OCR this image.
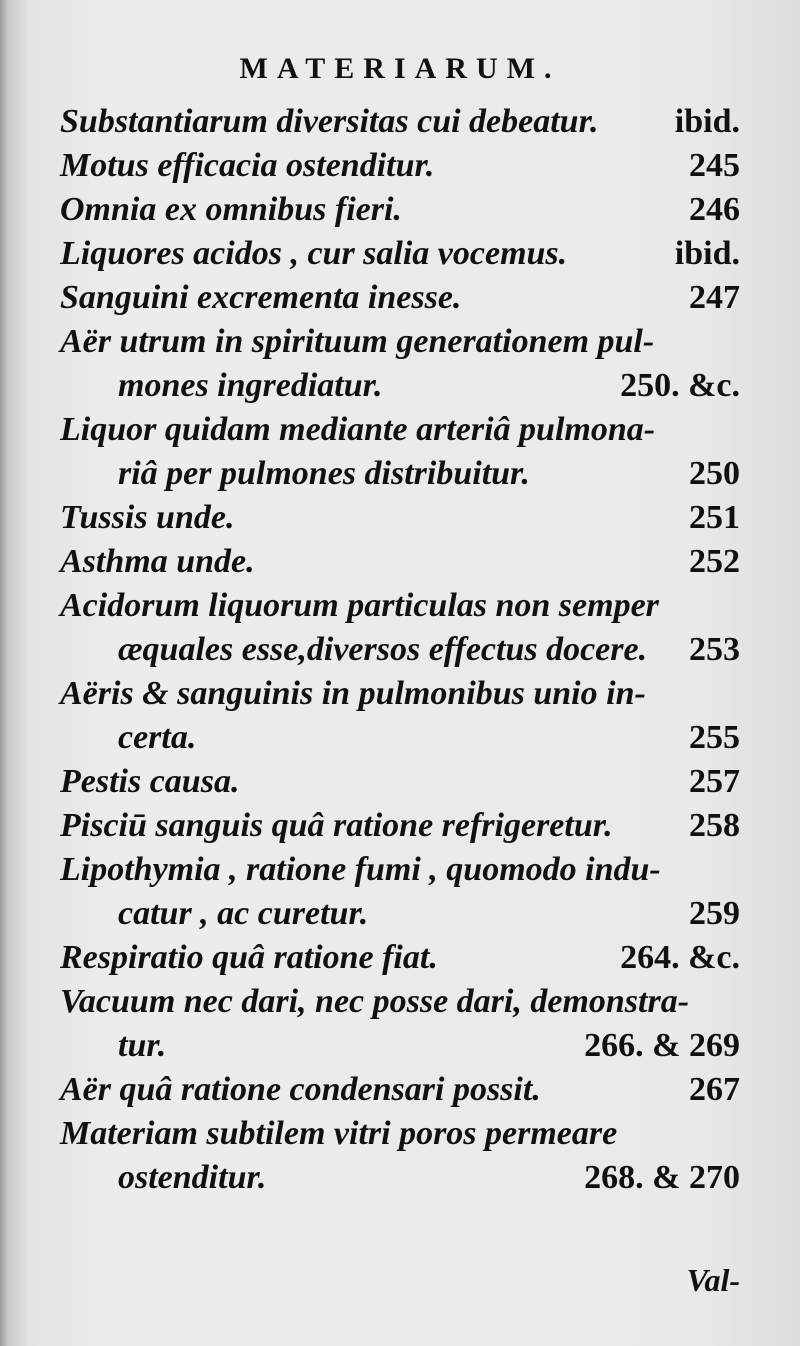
MATERIARUM.
Substantiarum diversitas cui debeatur. ibid.
Motus efficacia ostenditur.	245
Omnia ex omnibus fieri.	246
Liquores acidos , cur salia vocemus.	ibid.
Sanguini excrementa inesse.	247
Aër utrum in spirituum generationem pul-
mones ingrediatur.	250. &c.
Liquor quidam mediante arteriâ pulmona-
riâ per pulmones distribuitur.	250
Tussis unde.	251
Asthma unde.	252
Acidorum liquorum particulas non semper
æquales esse,diversos effectus docere. 253
Aëris & sanguinis in pulmonibus unio in-
certa.	255
Pestis causa.	257
Pisciū sanguis quâ ratione refrigeretur. 258
Lipothymia , ratione fumi , quomodo indu-
catur , ac curetur.	259
Respiratio quâ ratione fiat.	264. &c.
Vacuum nec dari, nec posse dari, demonstra-
tur.	266. & 269
Aër quâ ratione condensari possit.	267
Materiam subtilem vitri poros permeare
ostenditur.	268. & 270
Val-
